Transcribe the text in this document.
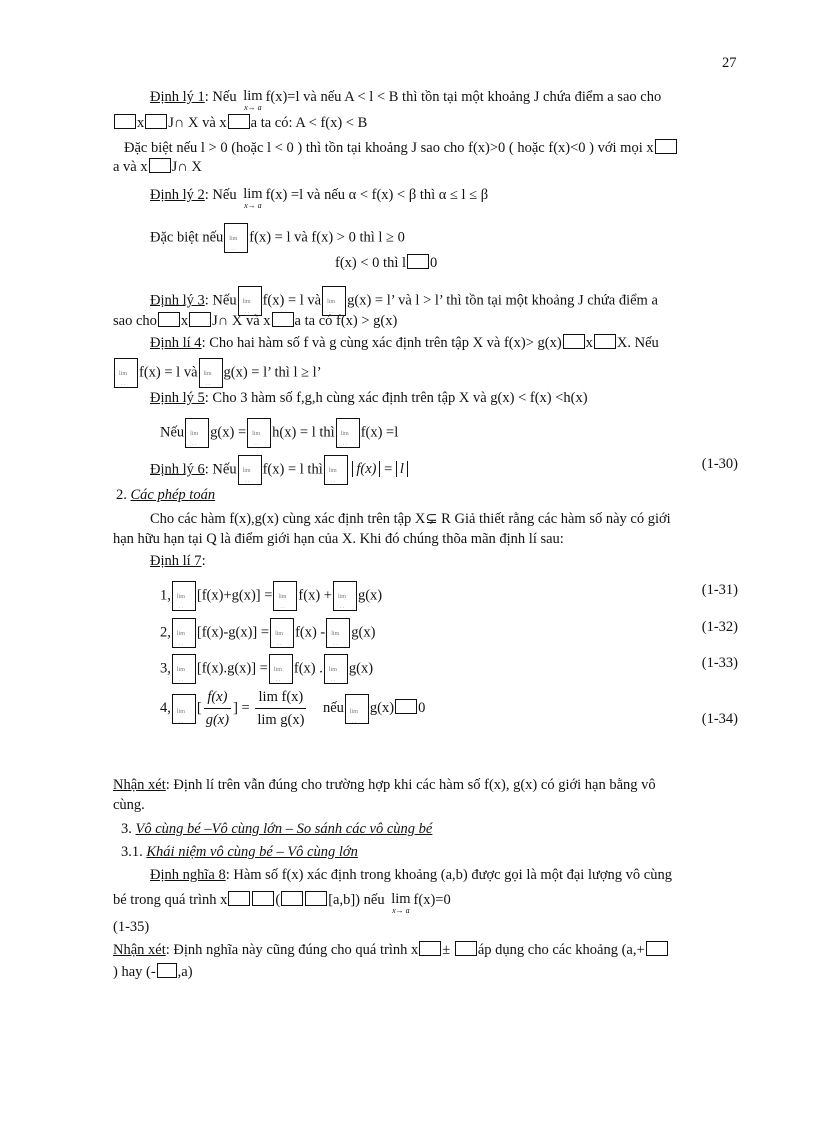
27
Định lý 1: Nếu lim
x→ a
f(x)=l và nếu A < l < B thì tồn tại một khoảng J chứa điểm a sao cho
x J∩ X và x a ta có: A < f(x) < B
Đặc biệt nếu l > 0 (hoặc l < 0 ) thì tồn tại khoảng J sao cho f(x)>0 ( hoặc f(x)<0 ) với mọi x
a và x J∩ X
Định lý 2: Nếu lim
x→ a
f(x) =l và nếu α < f(x) < β thì α ≤ l ≤ β
Đặc biệt nếu . . lim f(x) = l và f(x) > 0 thì l ≥ 0
f(x) < 0 thì l 0
Định lý 3: Nếu . . lim f(x) = l và . . lim g(x) = l’ và l > l’ thì tồn tại một khoảng J chứa điểm a
sao cho x J∩ X và x a ta có f(x) > g(x)
Định lí 4: Cho hai hàm số f và g cùng xác định trên tập X và f(x)> g(x) x X. Nếu
. . limf(x) = l và . . lim g(x) = l’ thì l ≥ l’
Định lý 5: Cho 3 hàm số f,g,h cùng xác định trên tập X và g(x) < f(x) <h(x)
Nếu . . lim g(x) = . . lim h(x) = l thì . . lim f(x) =l
Định lý 6: Nếu . . lim f(x) = l thì . . lim f(x) = l	(1-30)
2. Các phép toán
Cho các hàm f(x),g(x) cùng xác định trên tập X⊊ R Giả thiết rằng các hàm số này có giới
hạn hữu hạn tại Q là điểm giới hạn của X. Khi đó chúng thõa mãn định lí sau:
Định lí 7:
1, . . lim [f(x)+g(x)] = . . lim f(x) + . . lim g(x)	(1-31)
2, . . lim [f(x)-g(x)] = . . lim f(x) - . . lim g(x)	(1-32)
3, . . lim [f(x).g(x)] = . . lim f(x) . . . lim g(x)	(1-33)
4, . . lim [ $\frac{f(x)}{g(x)}$ ] = $\frac{\text{lim f(x)}}{\text{lim g(x)}}$ nếu . . lim g(x) 0
(1-34)
Nhận xét: Định lí trên vẫn đúng cho trường hợp khi các hàm số f(x), g(x) có giới hạn bằng vô
cùng.
3. Vô cùng bé –Vô cùng lớn – So sánh các vô cùng bé
3.1. Khái niệm vô cùng bé – Vô cùng lớn
Định nghĩa 8: Hàm số f(x) xác định trong khoảng (a,b) được gọi là một đại lượng vô cùng
bé trong quá trình x	(	[a,b]) nếu lim
x→ a
f(x)=0
(1-35)
Nhận xét: Định nghĩa này cũng đúng cho quá trình x ± áp dụng cho các khoảng (a,+
) hay (- ,a)
